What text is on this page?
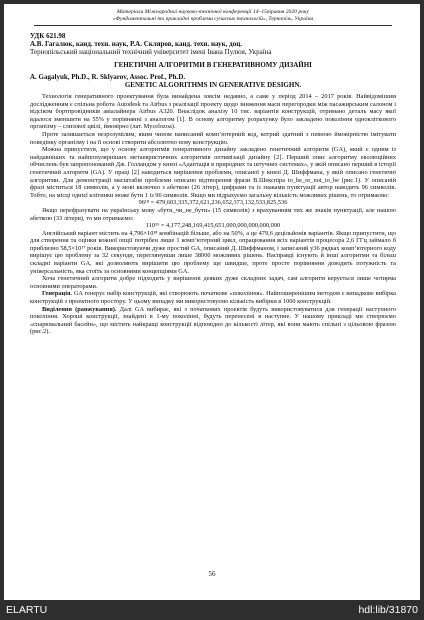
Матеріали Міжнародної науково-технічної конференції 14–15травня 2020 року
«Фундаментальні та прикладні проблеми сучасних технологій», Тернопіль, Україна
УДК 621.98
А.В. Гагалюк, канд. техн. наук, Р.А. Скляров, канд. техн. наук, доц.
Тернопільський національний технічний університет імені Івана Пулюя, Україна
ГЕНЕТИЧНІ АЛГОРИТМИ В ГЕНЕРАТИВНОМУ ДИЗАЙНІ
A. Gagalyuk, Ph.D., R. Sklyarov, Assoc. Prof., Ph.D.
GENETIC ALGORITHMS IN GENERATIVE DESIGHN.

Технологія генеративного проектування була винайдена зовсім недавно, а саме у період 2014 – 2017 років. Найвідомішим дослідженням є спільна робота Autodesk та Airbus з реалізації проекту щодо зниження маси перегородки між пасажирським салоном і відсіком бортпровідників авіалайнера Airbus A320. Внаслідок аналізу 10 тис. варіантів конструкцій, отримано деталь масу якої вдалося зменшити на 55% у порівнянні з аналогом [1]. В основу алгоритму розрахунку було закладено покоління однокліткового організму – слизової цвілі, ймовірно (лат. Mycelozoa).

Проте залишається незрозумілим, яким чином написаний комп’ютерний код, котрий здатний з певною ймовірністю імітувати поведінку організму і на її основі створити абсолютно нову конструкцію.

Можна припустити, що у основу алгоритмів генеративного дизайну закладено генетичний алгоритм (GA), який є одним із найдавніших та найпопулярніших метаевристичних алгоритмів оптимізації дизайну [2]. Перший опис алгоритму еволюційних обчислень був запропонований Дж. Голландом у книзі «Адаптація в природних та штучних системах», у якій описано перший в історії генетичний алгоритм (GA). У праці [2] наводиться вирішення проблеми, описаної у книзі Д. Шиффмана, у якій описано генетичні алгоритми. Для демонстрації масштабів проблеми описано відтворення фрази В.Шекспіра to_be_or_not_to_be (рис.1). У описаній фразі міститься 18 символів, а у мові включно з абеткою (26 літер), цифрами та із знаками пунктуації автор наводить 96 символів. Тобто, на місці однієї клітинки може бути 1 із 96 символів. Якщо ми підрахуємо загальну кількість можливих рішень, то отримаємо:

96¹⁸ = 479,603,335,372,621,236,652,373,132,533,825,536

Якщо перефразувати на українську мову «бути_чи_не_бути» (15 символів) з врахуванням тих же знаків пунктуації, але нашою абеткою (33 літери), то ми отримаємо:

110¹⁵ = 4,177,248,169,415,651,000,000,000,000,000

Англійський варіант містить на 4,796×10¹⁸ комбінацій більше, або на 50%, а це 479,6 децільйонів варіантів. Якщо припустити, що для створення та оцінки кожної опції потрібен лише 1 комп’ютерний цикл, опрацювання всіх варіантів процесора 2,6 ГГц займало б приблизно 58,5×10¹⁷ років. Використовуючи дуже простий GA, описаний Д. Шиффманом, і записаний у36 рядках комп’ютерного коду вирішує цю проблему за 32 секунди, переглянувши лише 38000 можливих рішень. Насправді існують й інші алгоритми та більш складні варіанти GA, які дозволяють вирішити цю проблему ще швидше, проте просте порівняння доводить потужність та універсальність, яка стоїть за основними концепціями GA.

Хоча генетичний алгоритм добре підходить у вирішенні деяких дуже складних задач, сам алгоритм керується лише чотирма основними операторами.

Генерація. GA генерує набір конструкцій, які створюють початкове «покоління». Найпоширенішим методом є випадкове вибірка конструкцій з проектного простору. У цьому випадку ми використовуємо кількість вибірки в 1000 конструкцій.

Виділення (ранжування). Далі GA вибирає, які з початкових проектів будуть використовуватися для генерації наступного покоління. Хороші конструкції, знайдені в 1-му поколінні, будуть перенесені в наступне. У нашому прикладі ми створюємо «спарювальний басейн», що містить найкращі конструкції відповідно до кількості літер, які вони мають спільні з цільовою фразою (рис.2).

56
ELARTU	hdl:lib/31870
